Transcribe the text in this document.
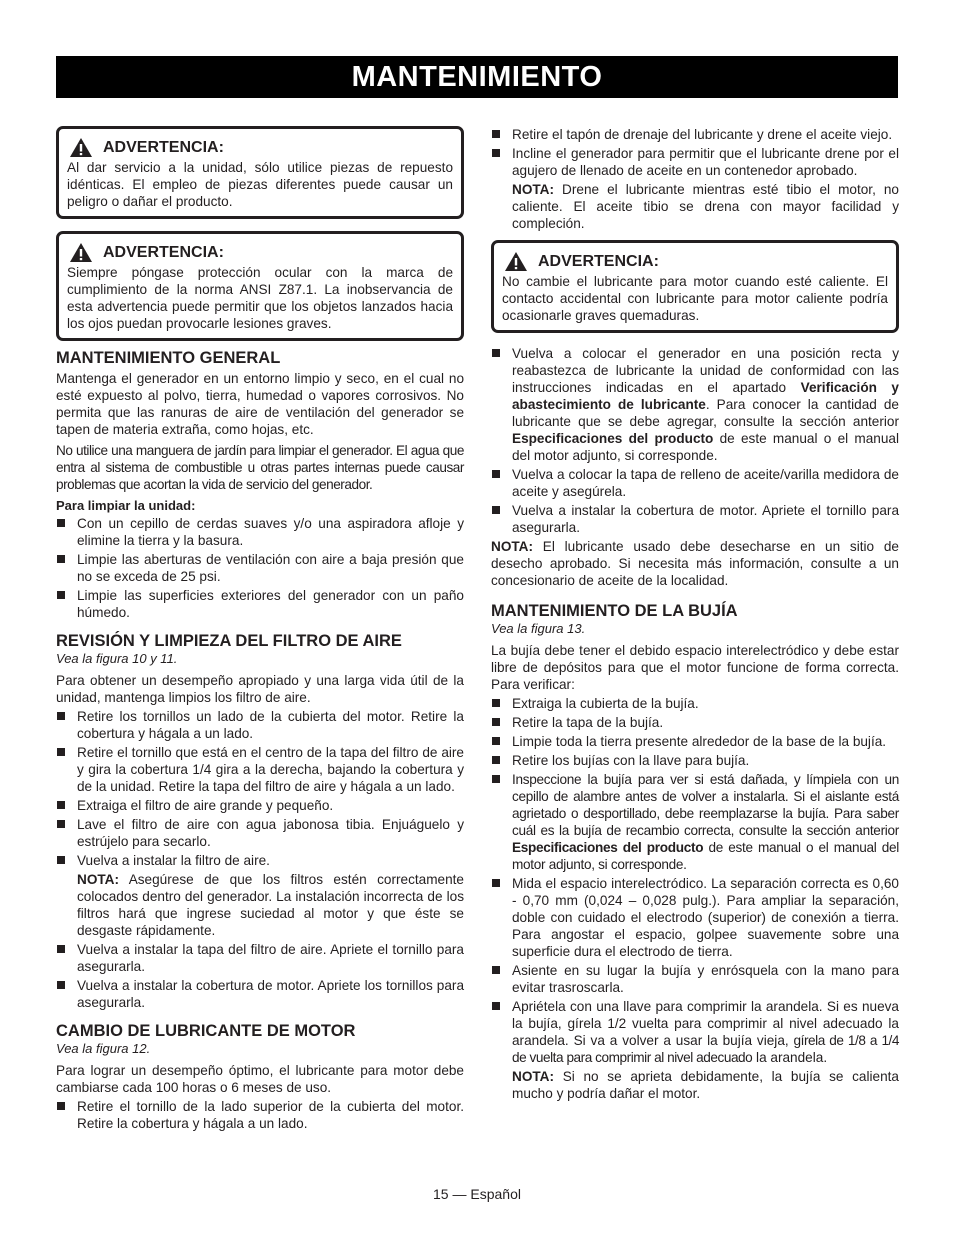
MANTENIMIENTO
ADVERTENCIA:
Al dar servicio a la unidad, sólo utilice piezas de repuesto idénticas. El empleo de piezas diferentes puede causar un peligro o dañar el producto.
ADVERTENCIA:
Siempre póngase protección ocular con la marca de cumplimiento de la norma ANSI Z87.1. La inobservancia de esta advertencia puede permitir que los objetos lanzados hacia los ojos puedan provocarle lesiones graves.
MANTENIMIENTO GENERAL

Mantenga el generador en un entorno limpio y seco, en el cual no esté expuesto al polvo, tierra, humedad o vapores corrosivos. No permita que las ranuras de aire de ventilación del generador se tapen de materia extraña, como hojas, etc.

No utilice una manguera de jardín para limpiar el generador. El agua que entra al sistema de combustible u otras partes internas puede causar problemas que acortan la vida de servicio del generador.

Para limpiar la unidad:

Con un cepillo de cerdas suaves y/o una aspiradora afloje y elimine la tierra y la basura.

Limpie las aberturas de ventilación con aire a baja presión que no se exceda de 25 psi.

Limpie las superficies exteriores del generador con un paño húmedo.

REVISIÓN Y LIMPIEZA DEL FILTRO DE AIRE

Vea la figura 10 y 11.

Para obtener un desempeño apropiado y una larga vida útil de la unidad, mantenga limpios los filtro de aire.

Retire los tornillos un lado de la cubierta del motor. Retire la cobertura y hágala a un lado.

Retire el tornillo que está en el centro de la tapa del filtro de aire y gira la cobertura 1/4 gira a la derecha, bajando la cobertura y de la unidad. Retire la tapa del filtro de aire y hágala a un lado.

Extraiga el filtro de aire grande y pequeño.

Lave el filtro de aire con agua jabonosa tibia. Enjuáguelo y estrújelo para secarlo.

Vuelva a instalar la filtro de aire.

NOTA: Asegúrese de que los filtros estén correctamente colocados dentro del generador. La instalación incorrecta de los filtros hará que ingrese suciedad al motor y que éste se desgaste rápidamente.

Vuelva a instalar la tapa del filtro de aire. Apriete el tornillo para asegurarla.

Vuelva a instalar la cobertura de motor. Apriete los tornillos para asegurarla.

CAMBIO DE LUBRICANTE DE MOTOR

Vea la figura 12.

Para lograr un desempeño óptimo, el lubricante para motor debe cambiarse cada 100 horas o 6 meses de uso.

Retire el tornillo de la lado superior de la cubierta del motor. Retire la cobertura y hágala a un lado.

Retire el tapón de drenaje del lubricante y drene el aceite viejo.

Incline el generador para permitir que el lubricante drene por el agujero de llenado de aceite en un contenedor aprobado.

NOTA: Drene el lubricante mientras esté tibio el motor, no caliente. El aceite tibio se drena con mayor facilidad y compleción.

ADVERTENCIA:
No cambie el lubricante para motor cuando esté caliente. El contacto accidental con lubricante para motor caliente podría ocasionarle graves quemaduras.

Vuelva a colocar el generador en una posición recta y reabastezca de lubricante la unidad de conformidad con las instrucciones indicadas en el apartado Verificación y abastecimiento de lubricante. Para conocer la cantidad de lubricante que se debe agregar, consulte la sección anterior Especificaciones del producto de este manual o el manual del motor adjunto, si corresponde.

Vuelva a colocar la tapa de relleno de aceite/varilla medidora de aceite y asegúrela.

Vuelva a instalar la cobertura de motor. Apriete el tornillo para asegurarla.

NOTA: El lubricante usado debe desecharse en un sitio de desecho aprobado. Si necesita más información, consulte a un concesionario de aceite de la localidad.

MANTENIMIENTO DE LA BUJÍA

Vea la figura 13.

La bujía debe tener el debido espacio interelectródico y debe estar libre de depósitos para que el motor funcione de forma correcta. Para verificar:

Extraiga la cubierta de la bujía.

Retire la tapa de la bujía.

Limpie toda la tierra presente alrededor de la base de la bujía.

Retire los bujías con la llave para bujía.

Inspeccione la bujía para ver si está dañada, y límpiela con un cepillo de alambre antes de volver a instalarla. Si el aislante está agrietado o desportillado, debe reemplazarse la bujía. Para saber cuál es la bujía de recambio correcta, consulte la sección anterior Especificaciones del producto de este manual o el manual del motor adjunto, si corresponde.

Mida el espacio interelectródico. La separación correcta es 0,60 - 0,70 mm (0,024 – 0,028 pulg.). Para ampliar la separación, doble con cuidado el electrodo (superior) de conexión a tierra. Para angostar el espacio, golpee suavemente sobre una superficie dura el electrodo de tierra.

Asiente en su lugar la bujía y enrósquela con la mano para evitar trasroscarla.

Apriétela con una llave para comprimir la arandela. Si es nueva la bujía, gírela 1/2 vuelta para comprimir al nivel adecuado la arandela. Si va a volver a usar la bujía vieja, gírela de 1/8 a 1/4 de vuelta para comprimir al nivel adecuado la arandela.

NOTA: Si no se aprieta debidamente, la bujía se calienta mucho y podría dañar el motor.

15 — Español
